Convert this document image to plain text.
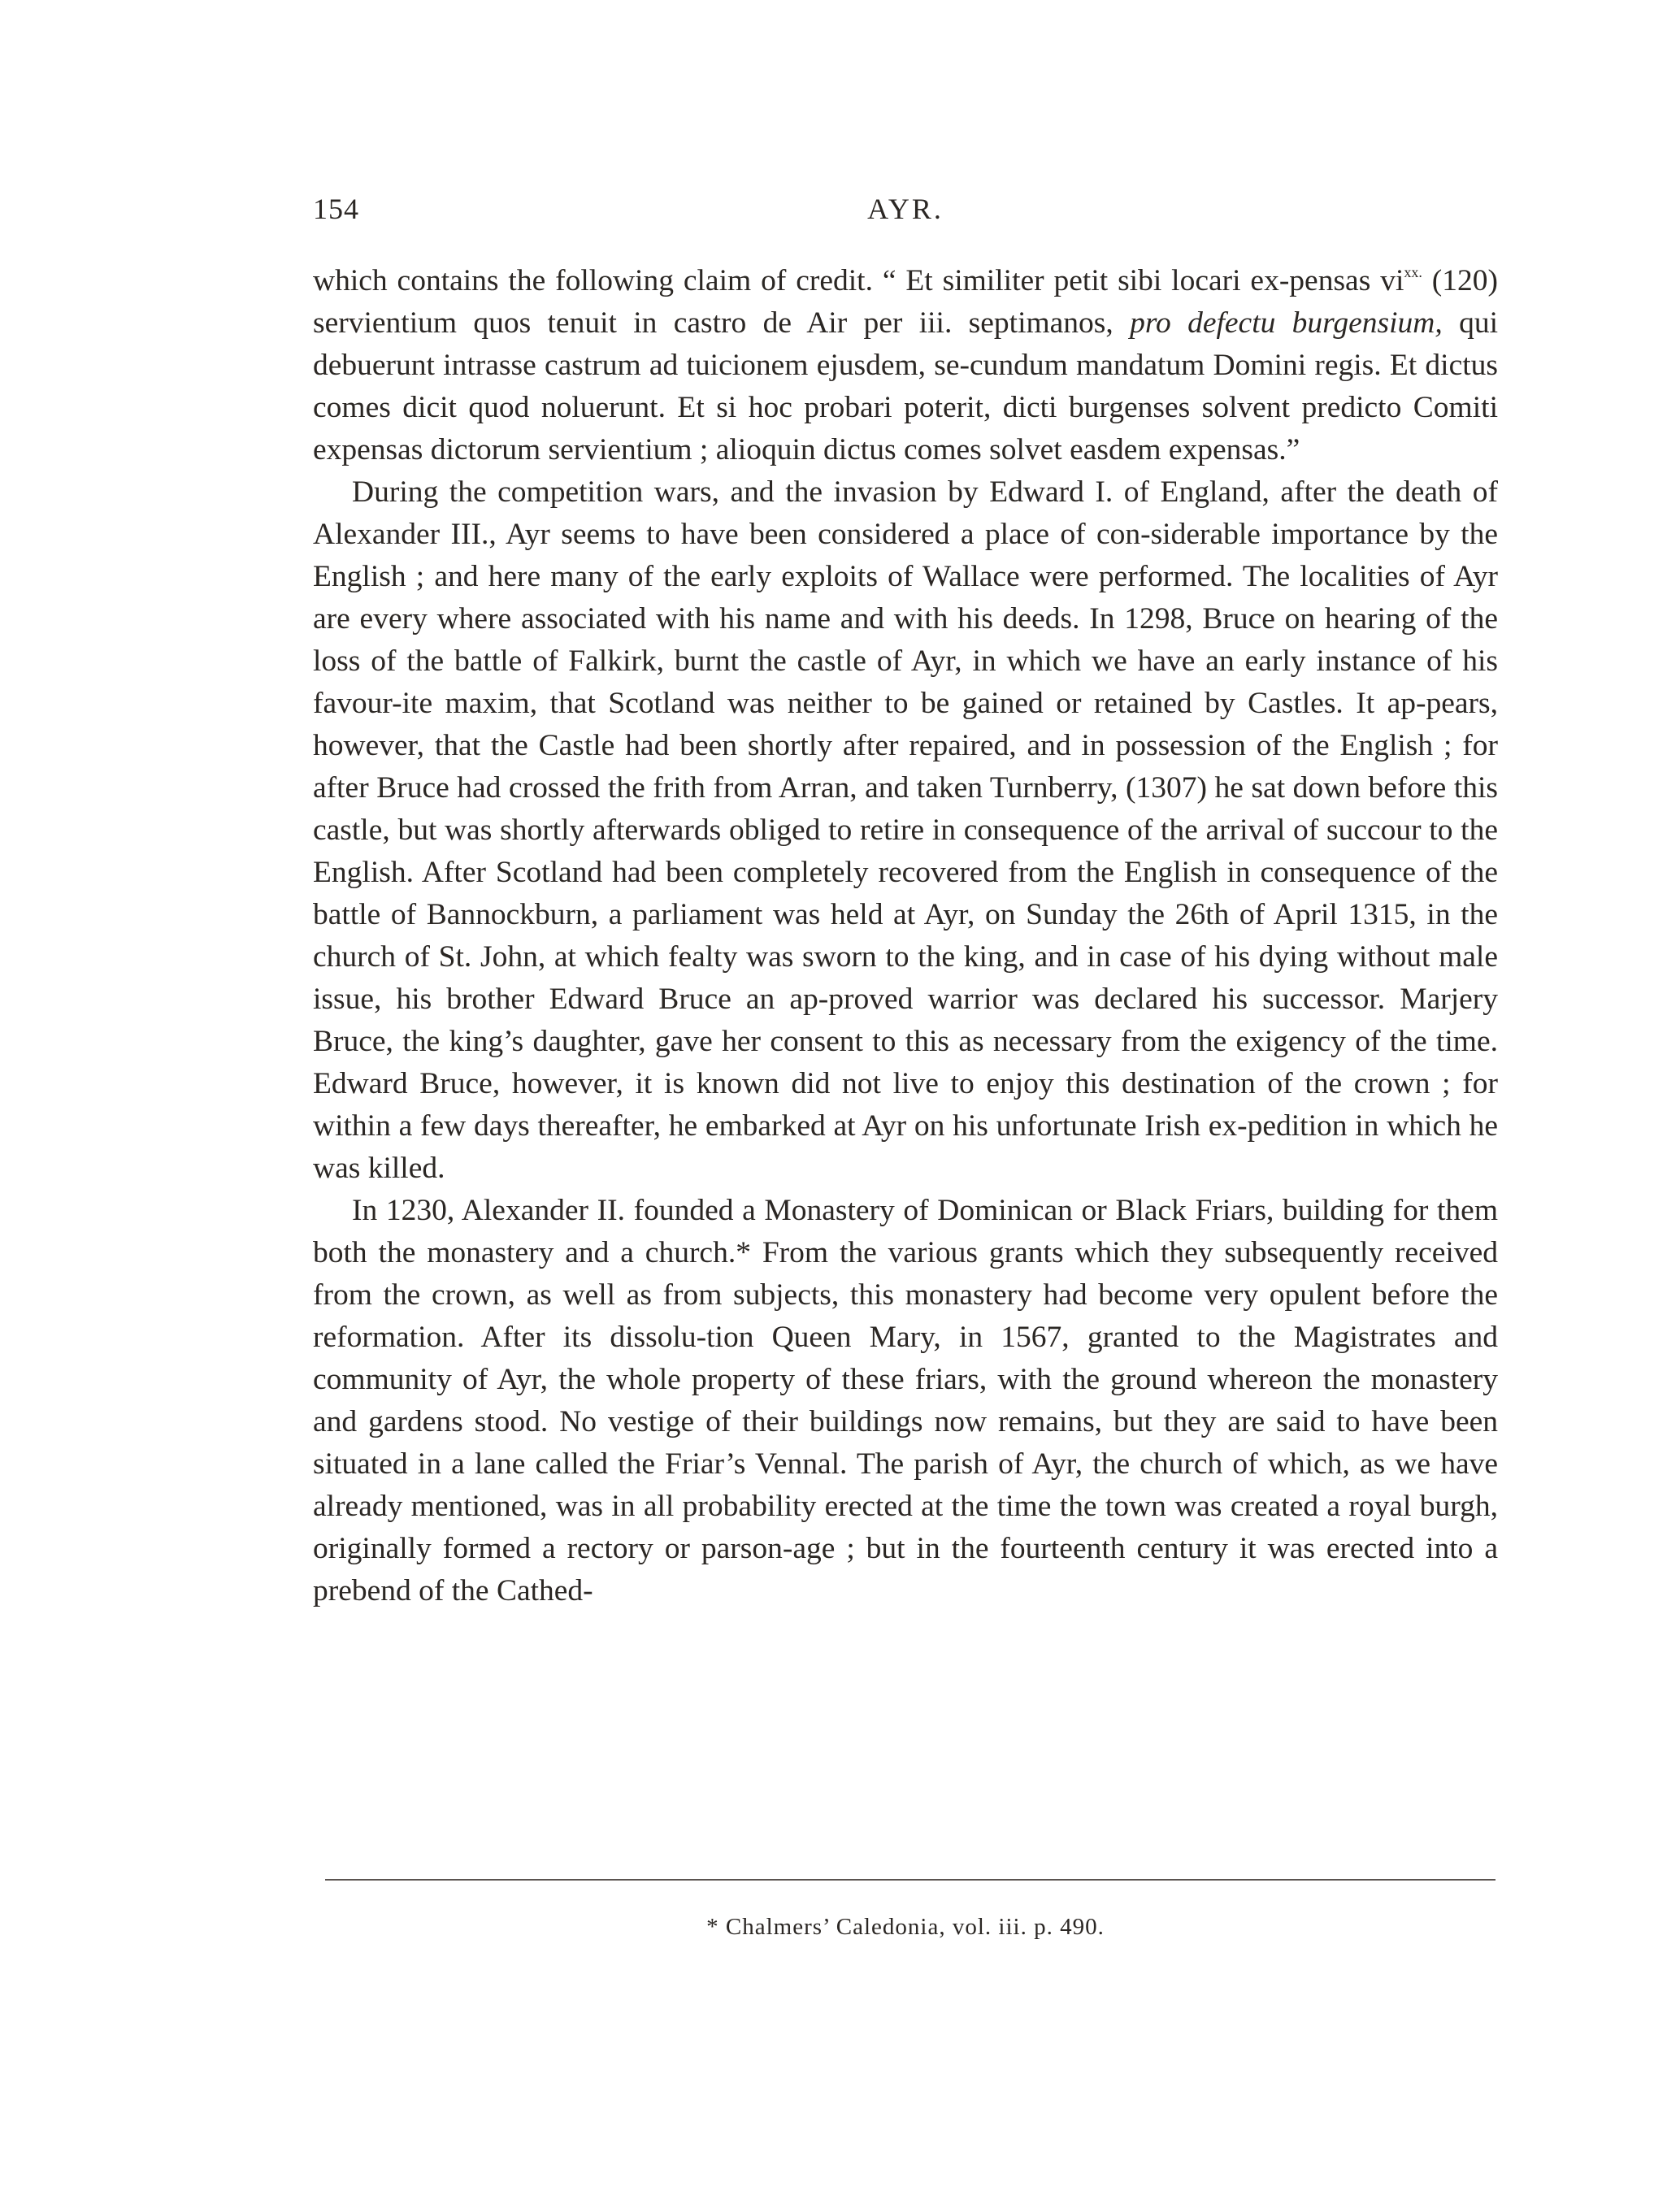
154	AYR.

which contains the following claim of credit. “ Et similiter petit sibi locari ex-pensas $vi^{xx.}$ (120) servientium quos tenuit in castro de Air per iii. septimanos, pro defectu burgensium, qui debuerunt intrasse castrum ad tuicionem ejusdem, se-cundum mandatum Domini regis. Et dictus comes dicit quod noluerunt. Et si hoc probari poterit, dicti burgenses solvent predicto Comiti expensas dictorum servientium ; alioquin dictus comes solvet easdem expensas.”

During the competition wars, and the invasion by Edward I. of England, after the death of Alexander III., Ayr seems to have been considered a place of con-siderable importance by the English ; and here many of the early exploits of Wallace were performed. The localities of Ayr are every where associated with his name and with his deeds. In 1298, Bruce on hearing of the loss of the battle of Falkirk, burnt the castle of Ayr, in which we have an early instance of his favour-ite maxim, that Scotland was neither to be gained or retained by Castles. It ap-pears, however, that the Castle had been shortly after repaired, and in possession of the English ; for after Bruce had crossed the frith from Arran, and taken Turnberry, (1307) he sat down before this castle, but was shortly afterwards obliged to retire in consequence of the arrival of succour to the English. After Scotland had been completely recovered from the English in consequence of the battle of Bannockburn, a parliament was held at Ayr, on Sunday the 26th of April 1315, in the church of St. John, at which fealty was sworn to the king, and in case of his dying without male issue, his brother Edward Bruce an ap-proved warrior was declared his successor. Marjery Bruce, the king’s daughter, gave her consent to this as necessary from the exigency of the time. Edward Bruce, however, it is known did not live to enjoy this destination of the crown ; for within a few days thereafter, he embarked at Ayr on his unfortunate Irish ex-pedition in which he was killed.

In 1230, Alexander II. founded a Monastery of Dominican or Black Friars, building for them both the monastery and a church.* From the various grants which they subsequently received from the crown, as well as from subjects, this monastery had become very opulent before the reformation. After its dissolu-tion Queen Mary, in 1567, granted to the Magistrates and community of Ayr, the whole property of these friars, with the ground whereon the monastery and gardens stood. No vestige of their buildings now remains, but they are said to have been situated in a lane called the Friar’s Vennal. The parish of Ayr, the church of which, as we have already mentioned, was in all probability erected at the time the town was created a royal burgh, originally formed a rectory or parson-age ; but in the fourteenth century it was erected into a prebend of the Cathed-

* Chalmers’ Caledonia, vol. iii. p. 490.
